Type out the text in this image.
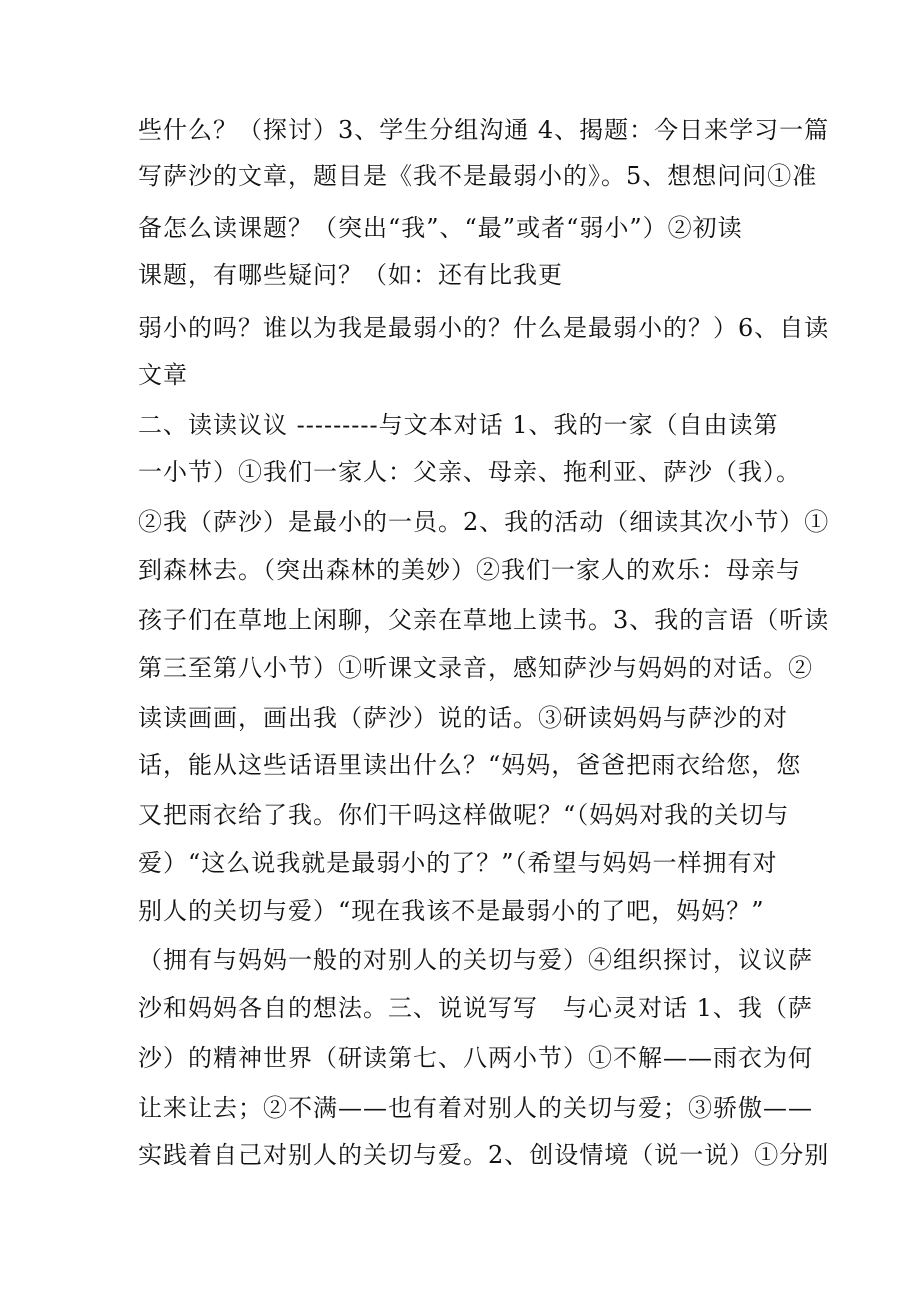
些什么？（探讨）3、学生分组沟通 4、揭题：今日来学习一篇

写萨沙的文章，题目是《我不是最弱小的》。5、想想问问①准

备怎么读课题？（突出“我”、“最”或者“弱小”）②初读

课题，有哪些疑问？（如：还有比我更

弱小的吗？谁以为我是最弱小的？什么是最弱小的？）6、自读

文章

二、读读议议 ---------与文本对话 1、我的一家（自由读第

一小节）①我们一家人：父亲、母亲、拖利亚、萨沙（我）。

②我（萨沙）是最小的一员。2、我的活动（细读其次小节）①

到森林去。（突出森林的美妙）②我们一家人的欢乐：母亲与

孩子们在草地上闲聊，父亲在草地上读书。3、我的言语（听读

第三至第八小节）①听课文录音，感知萨沙与妈妈的对话。②

读读画画，画出我（萨沙）说的话。③研读妈妈与萨沙的对

话，能从这些话语里读出什么？“妈妈，爸爸把雨衣给您，您

又把雨衣给了我。你们干吗这样做呢？“（妈妈对我的关切与

爱）“这么说我就是最弱小的了？”（希望与妈妈一样拥有对

别人的关切与爱）“现在我该不是最弱小的了吧，妈妈？”

（拥有与妈妈一般的对别人的关切与爱）④组织探讨，议议萨

沙和妈妈各自的想法。三、说说写写　与心灵对话 1、我（萨

沙）的精神世界（研读第七、八两小节）①不解——雨衣为何

让来让去；②不满——也有着对别人的关切与爱；③骄傲——

实践着自己对别人的关切与爱。2、创设情境（说一说）①分别
